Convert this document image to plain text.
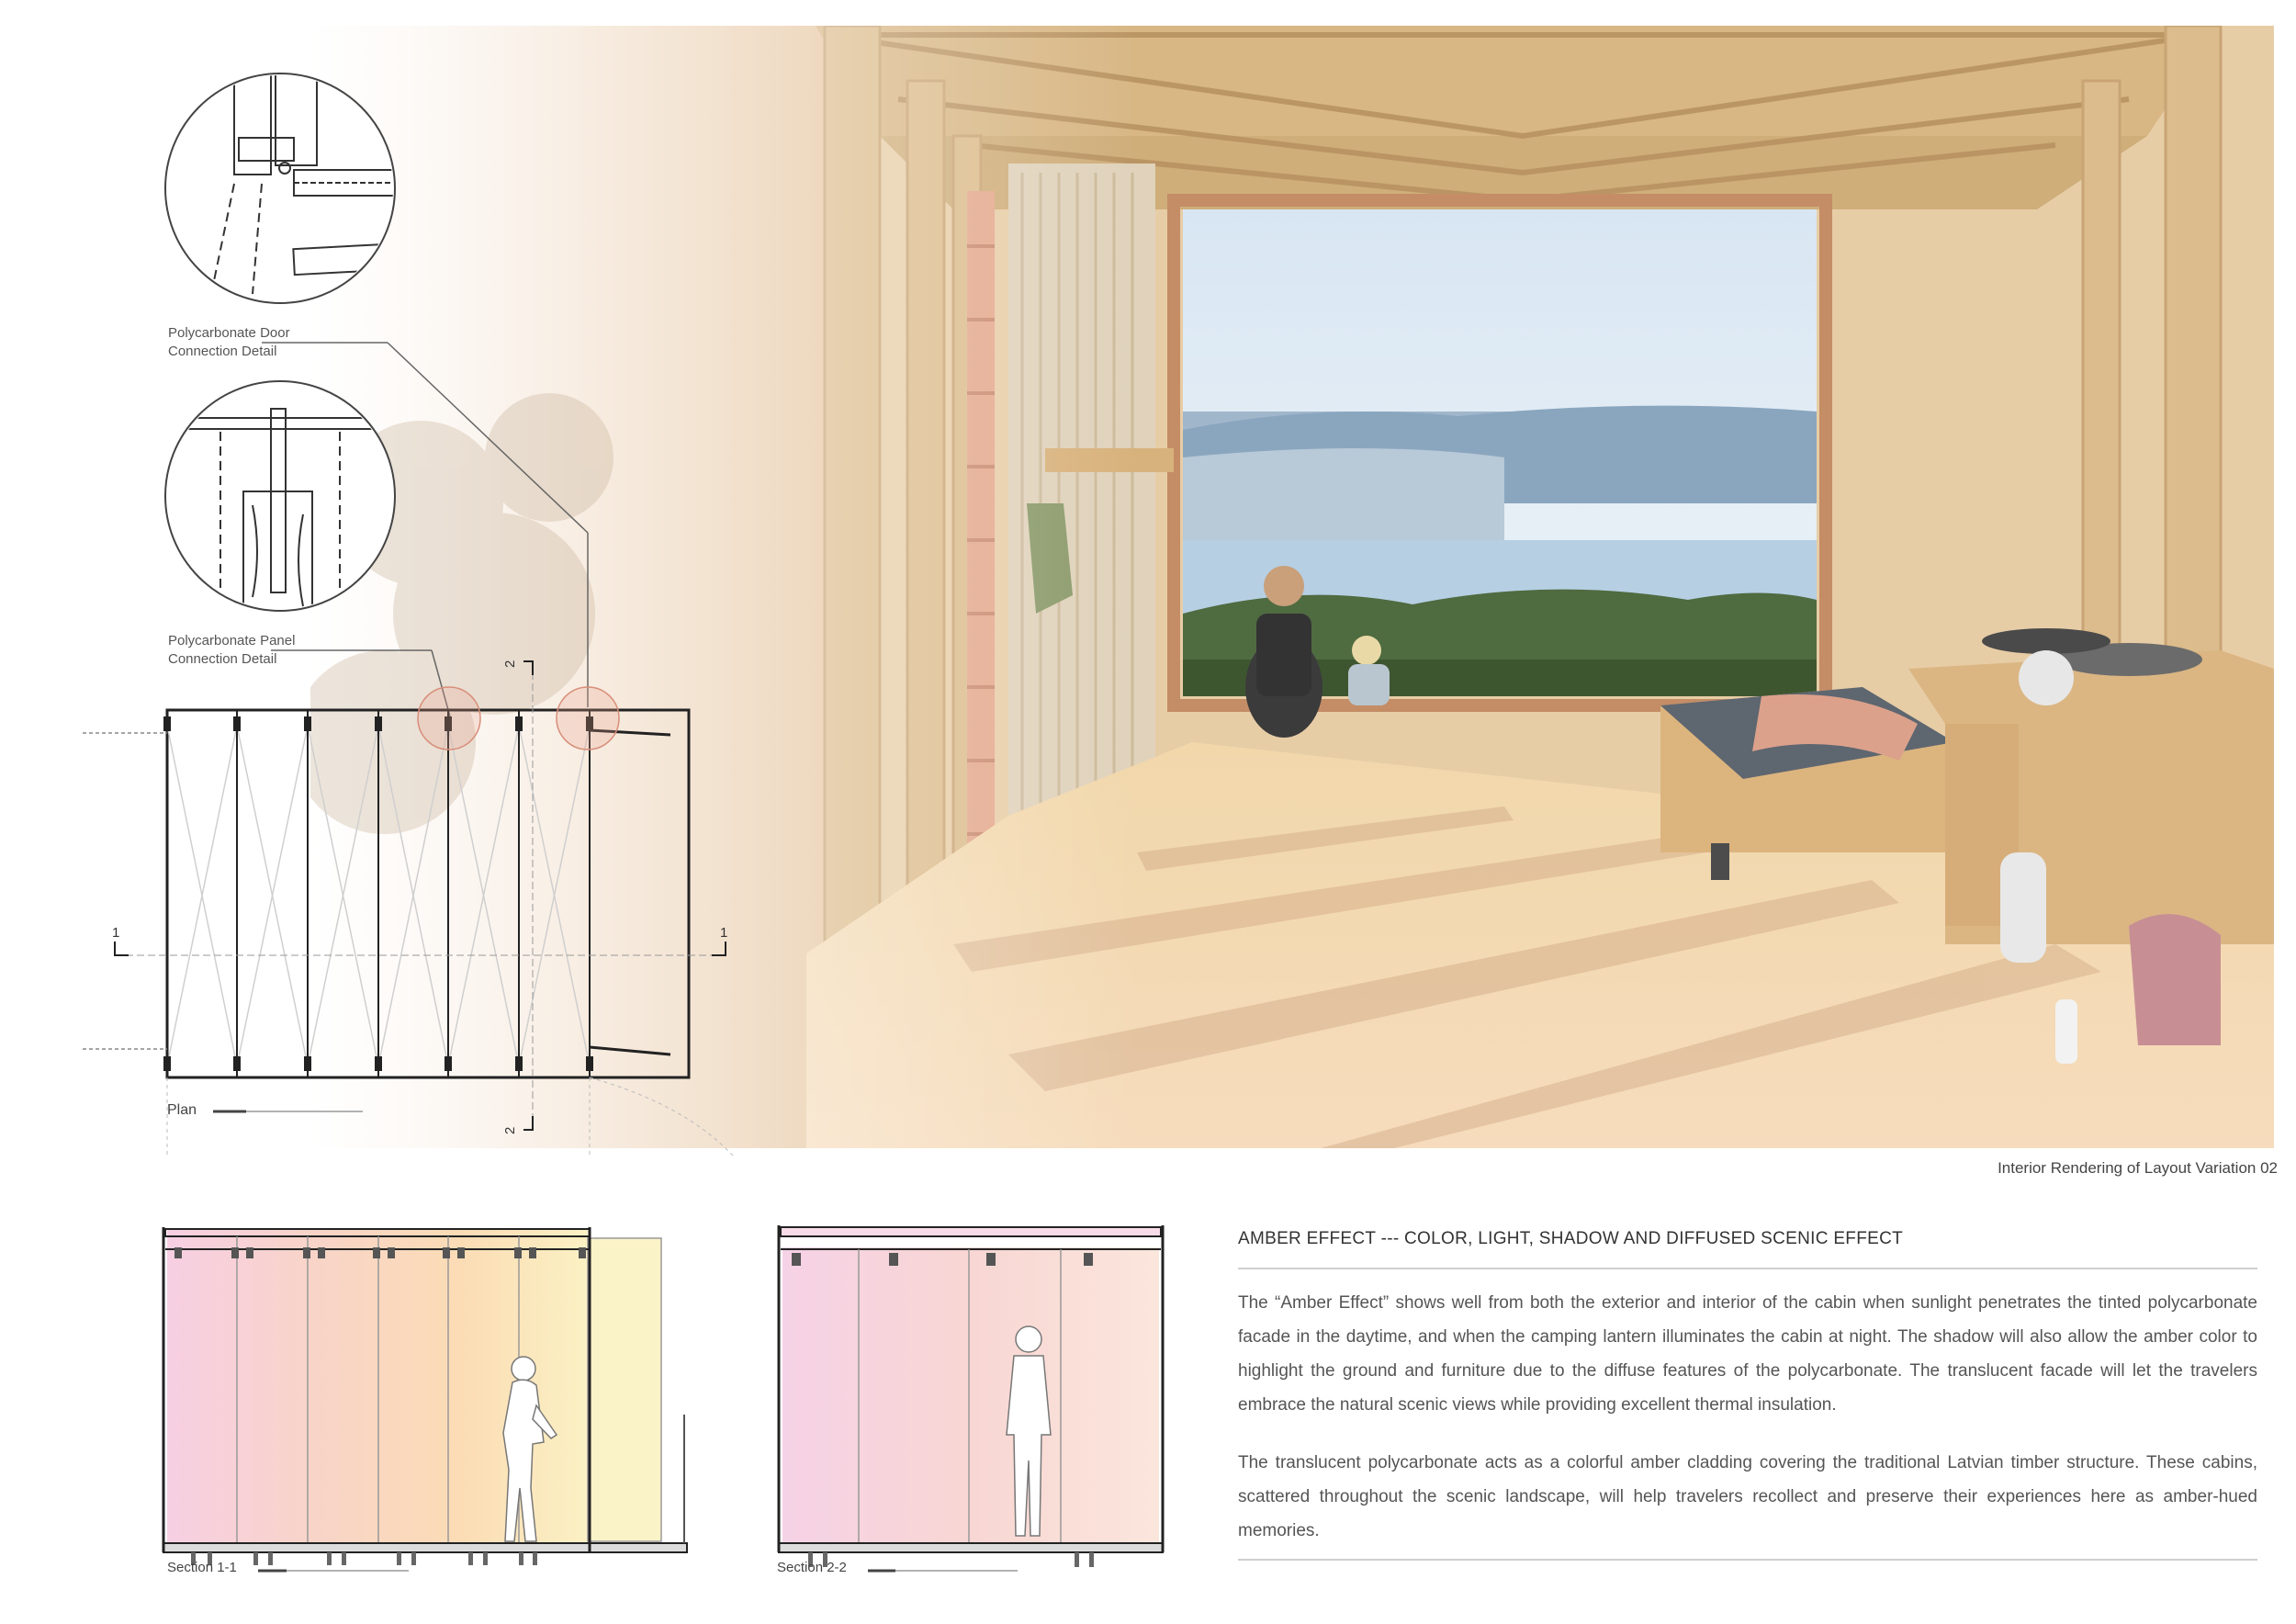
Polycarbonate Door
Connection Detail
Polycarbonate Panel
Connection Detail
1	1
2
2
Plan
Section 1-1	Section 2-2
Interior Rendering of Layout Variation 02
AMBER EFFECT --- COLOR, LIGHT, SHADOW AND DIFFUSED SCENIC EFFECT

The “Amber Effect” shows well from both the exterior and interior of the cabin when sunlight penetrates the tinted polycarbonate facade in the daytime, and when the camping lantern illuminates the cabin at night. The shadow will also allow the amber color to highlight the ground and furniture due to the diffuse features of the polycarbonate. The translucent facade will let the travelers embrace the natural scenic views while providing excellent thermal insulation.

The translucent polycarbonate acts as a colorful amber cladding covering the traditional Latvian timber structure. These cabins, scattered throughout the scenic landscape, will help travelers recollect and preserve their experiences here as amber-hued memories.
